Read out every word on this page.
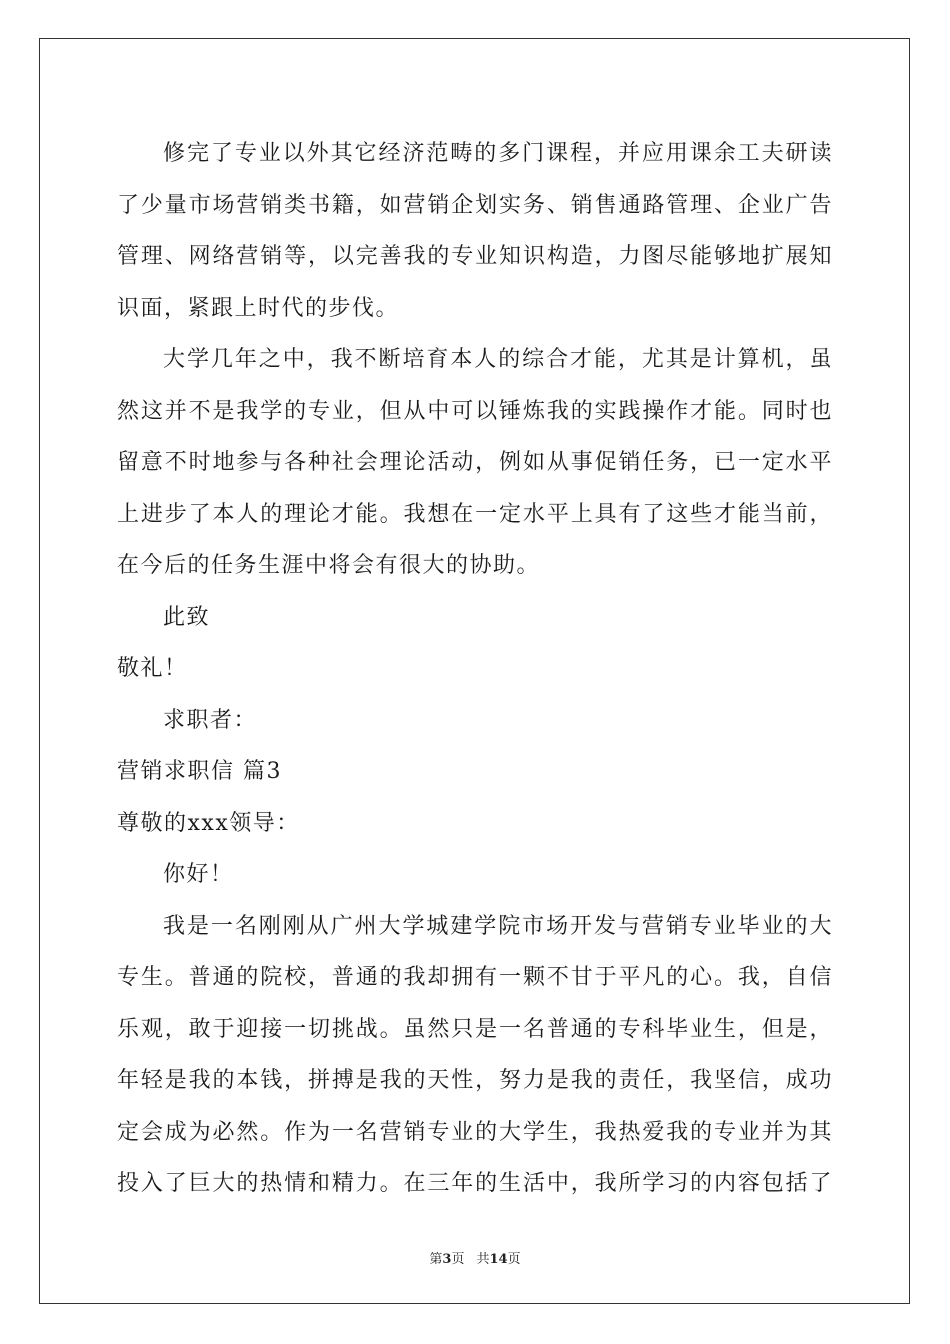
修完了专业以外其它经济范畴的多门课程，并应用课余工夫研读
了少量市场营销类书籍，如营销企划实务、销售通路管理、企业广告
管理、网络营销等，以完善我的专业知识构造，力图尽能够地扩展知
识面，紧跟上时代的步伐。
大学几年之中，我不断培育本人的综合才能，尤其是计算机，虽
然这并不是我学的专业，但从中可以锤炼我的实践操作才能。同时也
留意不时地参与各种社会理论活动，例如从事促销任务，已一定水平
上进步了本人的理论才能。我想在一定水平上具有了这些才能当前，
在今后的任务生涯中将会有很大的协助。
此致
敬礼！
求职者：
营销求职信 篇3
尊敬的xxx领导：
你好！
我是一名刚刚从广州大学城建学院市场开发与营销专业毕业的大
专生。普通的院校，普通的我却拥有一颗不甘于平凡的心。我，自信
乐观，敢于迎接一切挑战。虽然只是一名普通的专科毕业生，但是，
年轻是我的本钱，拼搏是我的天性，努力是我的责任，我坚信，成功
定会成为必然。作为一名营销专业的大学生，我热爱我的专业并为其
投入了巨大的热情和精力。在三年的生活中，我所学习的内容包括了
第3页 共14页
